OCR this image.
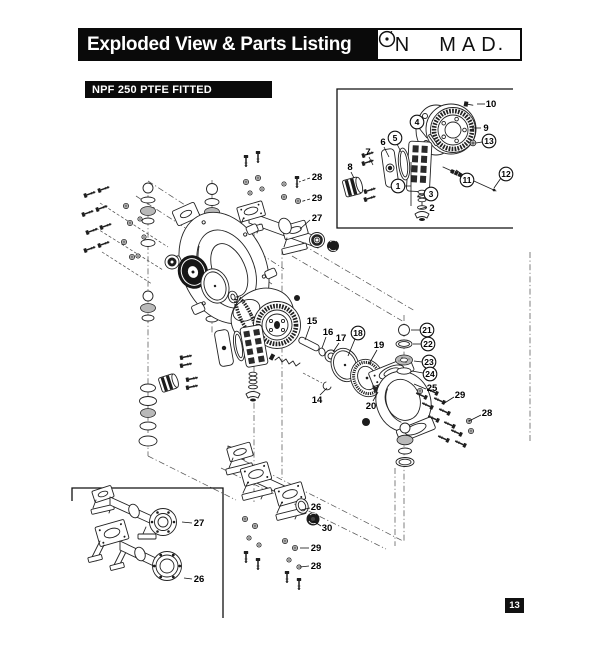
Exploded View & Parts Listing N M A D .
NPF 250 PTFE FITTED
13
1
2
3
4
5
6
7
8
9
10
11
12
13
28
29
27
15
16
17 18
19
14
20
21
22
23
24
25
29
28
26
30
29
28
27
26
